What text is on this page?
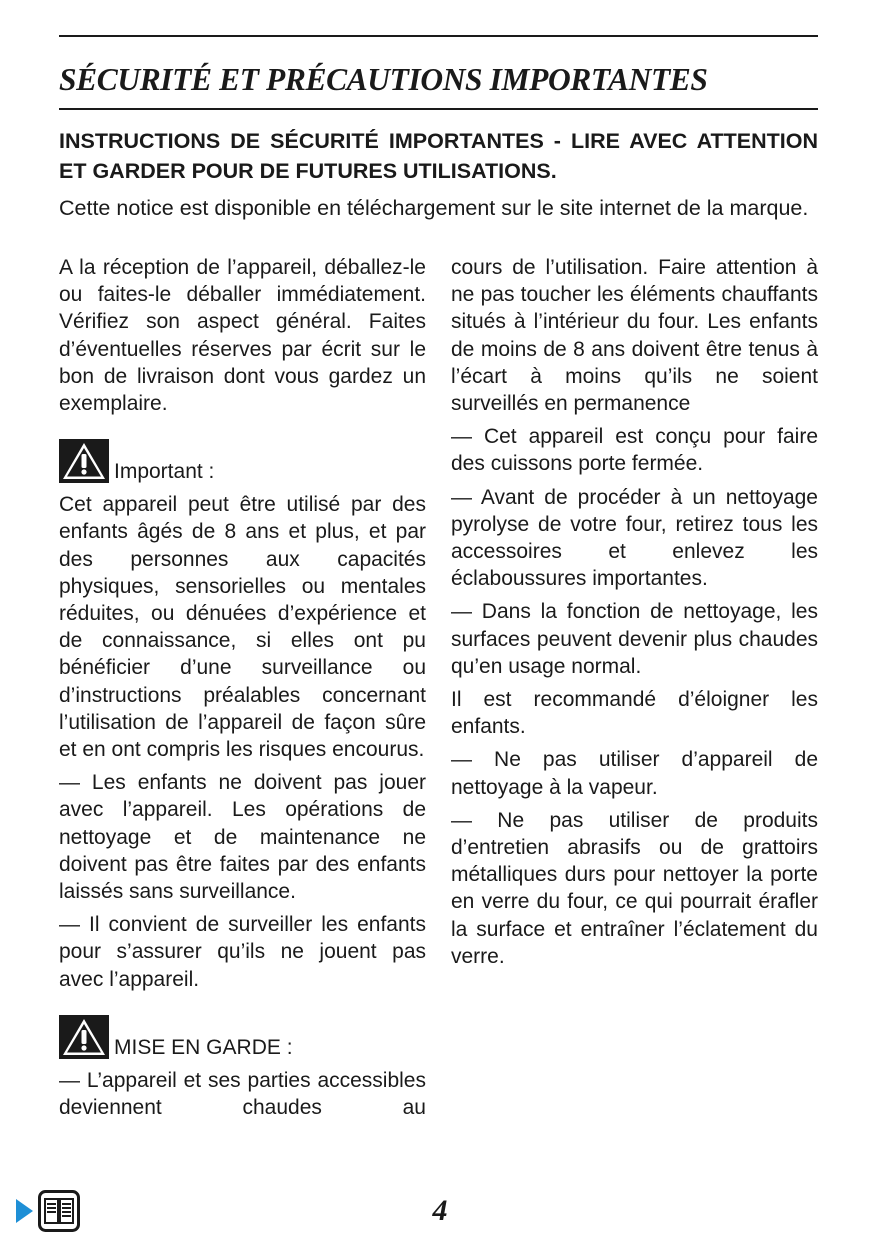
SÉCURITÉ ET PRÉCAUTIONS IMPORTANTES
INSTRUCTIONS DE SÉCURITÉ IMPORTANTES - LIRE AVEC ATTENTION ET GARDER POUR DE FUTURES UTILISATIONS.

Cette notice est disponible en téléchargement sur le site internet de la marque.

A la réception de l’appareil, déballez-le ou faites-le déballer immédiatement. Vérifiez son aspect général. Faites d’éventuelles réserves par écrit sur le bon de livraison dont vous gardez un exemplaire.

Important :

Cet appareil peut être utilisé par des enfants âgés de 8 ans et plus, et par des personnes aux capacités physiques, sensorielles ou mentales réduites, ou dénuées d’expérience et de connaissance, si elles ont pu bénéficier d’une surveillance ou d’instructions préalables concernant l’utilisation de l’appareil de façon sûre et en ont compris les risques encourus.

— Les enfants ne doivent pas jouer avec l’appareil. Les opérations de nettoyage et de maintenance ne doivent pas être faites par des enfants laissés sans surveillance.

— Il convient de surveiller les enfants pour s’assurer qu’ils ne jouent pas avec l’appareil.

MISE EN GARDE :

— L’appareil et ses parties accessibles deviennent chaudes au

cours de l’utilisation. Faire attention à ne pas toucher les éléments chauffants situés à l’intérieur du four. Les enfants de moins de 8 ans doivent être tenus à l’écart à moins qu’ils ne soient surveillés en permanence

— Cet appareil est conçu pour faire des cuissons porte fermée.

— Avant de procéder à un nettoyage pyrolyse de votre four, retirez tous les accessoires et enlevez les éclaboussures importantes.

— Dans la fonction de nettoyage, les surfaces peuvent devenir plus chaudes qu’en usage normal.

Il est recommandé d’éloigner les enfants.

— Ne pas utiliser d’appareil de nettoyage à la vapeur.

— Ne pas utiliser de produits d’entretien abrasifs ou de grattoirs métalliques durs pour nettoyer la porte en verre du four, ce qui pourrait érafler la surface et entraîner l’éclatement du verre.

4
